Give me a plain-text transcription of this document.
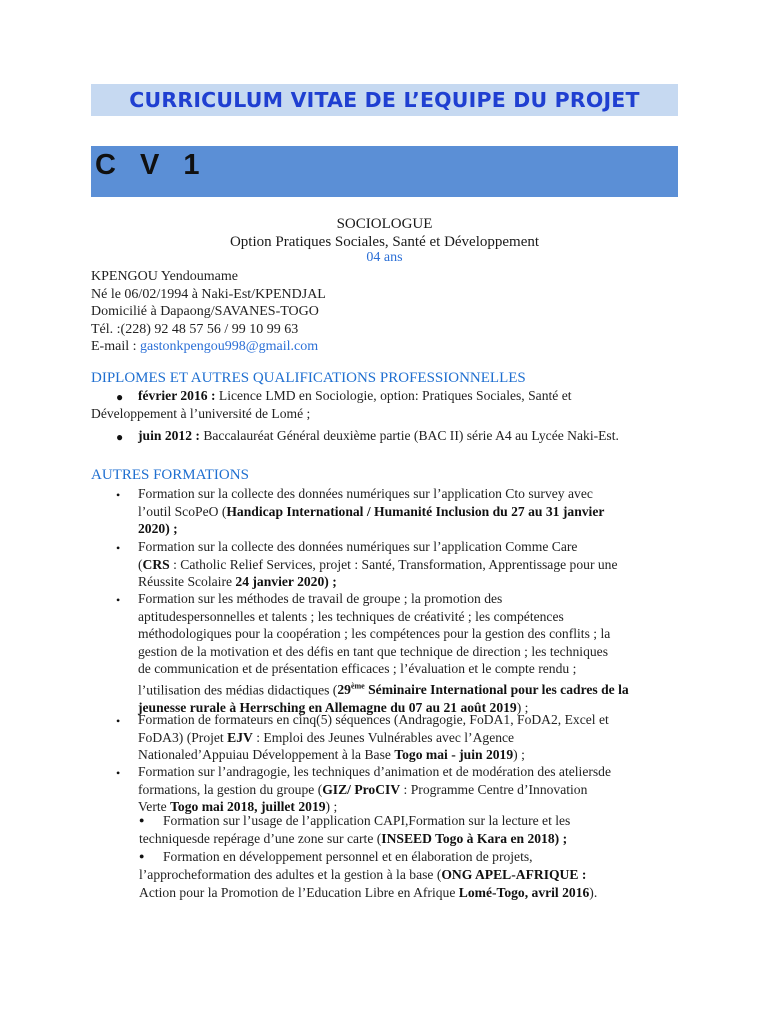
CURRICULUM VITAE DE L’EQUIPE DU PROJET
C V 1
SOCIOLOGUE
Option Pratiques Sociales, Santé et Développement
04 ans
KPENGOU Yendoumame
Né le 06/02/1994 à Naki-Est/KPENDJAL
Domicilié à Dapaong/SAVANES-TOGO
Tél. :(228) 92 48 57 56 / 99 10 99 63
E-mail : gastonkpengou998@gmail.com
DIPLOMES ET AUTRES QUALIFICATIONS PROFESSIONNELLES
● février 2016 : Licence LMD en Sociologie, option: Pratiques Sociales, Santé et
Développement à l’université de Lomé ;
● juin 2012 : Baccalauréat Général deuxième partie (BAC II) série A4 au Lycée Naki-Est.
AUTRES FORMATIONS
• Formation sur la collecte des données numériques sur l’application Cto survey avec
l’outil ScoPeO (Handicap International / Humanité Inclusion du 27 au 31 janvier
2020) ;
• Formation sur la collecte des données numériques sur l’application Comme Care
(CRS : Catholic Relief Services, projet : Santé, Transformation, Apprentissage pour une
Réussite Scolaire 24 janvier 2020) ;
• Formation sur les méthodes de travail de groupe ; la promotion des
aptitudespersonnelles et talents ; les techniques de créativité ; les compétences
méthodologiques pour la coopération ; les compétences pour la gestion des conflits ; la
gestion de la motivation et des défis en tant que technique de direction ; les techniques
de communication et de présentation efficaces ; l’évaluation et le compte rendu ;
l’utilisation des médias didactiques (29ème Séminaire International pour les cadres de la
jeunesse rurale à Herrsching en Allemagne du 07 au 21 août 2019) ;
• Formation de formateurs en cinq(5) séquences (Andragogie, FoDA1, FoDA2, Excel et
FoDA3) (Projet EJV : Emploi des Jeunes Vulnérables avec l’Agence
Nationaled’Appuiau Développement à la Base Togo mai - juin 2019) ;
• Formation sur l’andragogie, les techniques d’animation et de modération des ateliersde
formations, la gestion du groupe (GIZ/ ProCIV : Programme Centre d’Innovation
Verte Togo mai 2018, juillet 2019) ;
●	Formation sur l’usage de l’application CAPI,Formation sur la lecture et les
techniquesde repérage d’une zone sur carte (INSEED Togo à Kara en 2018) ;
●	Formation en développement personnel et en élaboration de projets,
l’approcheformation des adultes et la gestion à la base (ONG APEL-AFRIQUE :
Action pour la Promotion de l’Education Libre en Afrique Lomé-Togo, avril 2016).
